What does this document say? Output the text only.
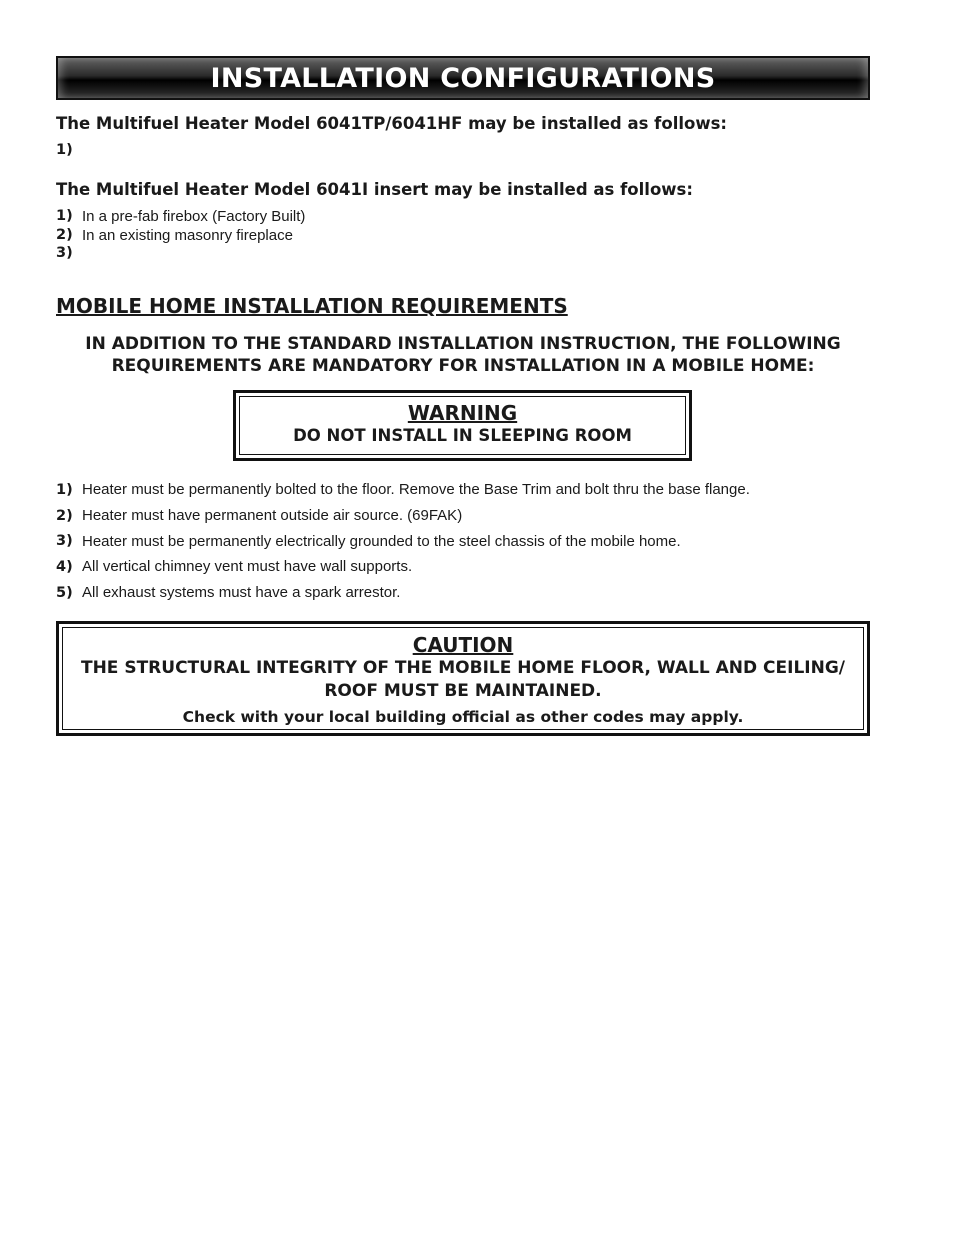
INSTALLATION CONFIGURATIONS

The Multifuel Heater Model 6041TP/6041HF may be installed as follows:

1)

The Multifuel Heater Model 6041I insert may be installed as follows:

1) In a pre-fab firebox (Factory Built)
2) In an existing masonry fireplace
3)
MOBILE HOME INSTALLATION REQUIREMENTS

IN ADDITION TO THE STANDARD INSTALLATION INSTRUCTION, THE FOLLOWING
REQUIREMENTS ARE MANDATORY FOR INSTALLATION IN A MOBILE HOME:

WARNING
DO NOT INSTALL IN SLEEPING ROOM
1) Heater must be permanently bolted to the floor. Remove the Base Trim and bolt thru the base flange.
2) Heater must have permanent outside air source. (69FAK)
3) Heater must be permanently electrically grounded to the steel chassis of the mobile home.
4) All vertical chimney vent must have wall supports.
5) All exhaust systems must have a spark arrestor.
CAUTION
THE STRUCTURAL INTEGRITY OF THE MOBILE HOME FLOOR, WALL AND CEILING/
ROOF MUST BE MAINTAINED.
Check with your local building official as other codes may apply.
